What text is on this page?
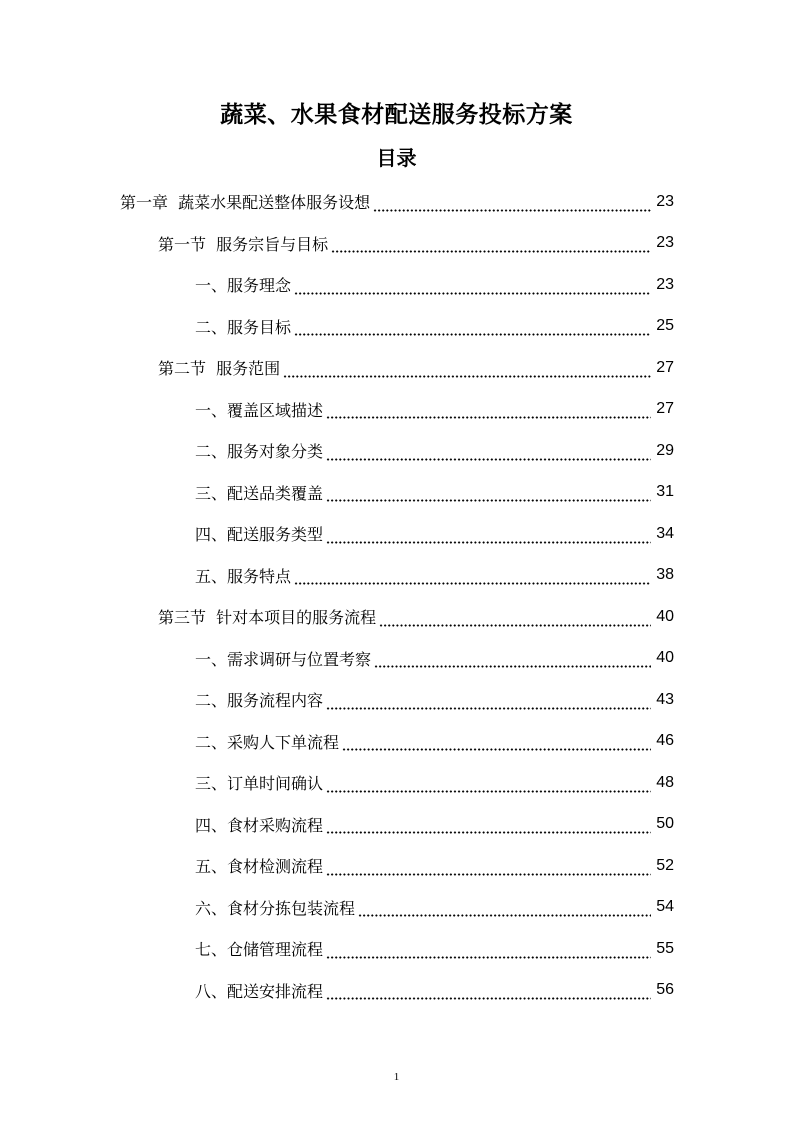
蔬菜、水果食材配送服务投标方案
目录
第一章  蔬菜水果配送整体服务设想	23
第一节  服务宗旨与目标	23
一、服务理念	23
二、服务目标	25
第二节  服务范围	27
一、覆盖区域描述	27
二、服务对象分类	29
三、配送品类覆盖	31
四、配送服务类型	34
五、服务特点	38
第三节  针对本项目的服务流程	40
一、需求调研与位置考察	40
二、服务流程内容	43
二、采购人下单流程	46
三、订单时间确认	48
四、食材采购流程	50
五、食材检测流程	52
六、食材分拣包装流程	54
七、仓储管理流程	55
八、配送安排流程	56
1
